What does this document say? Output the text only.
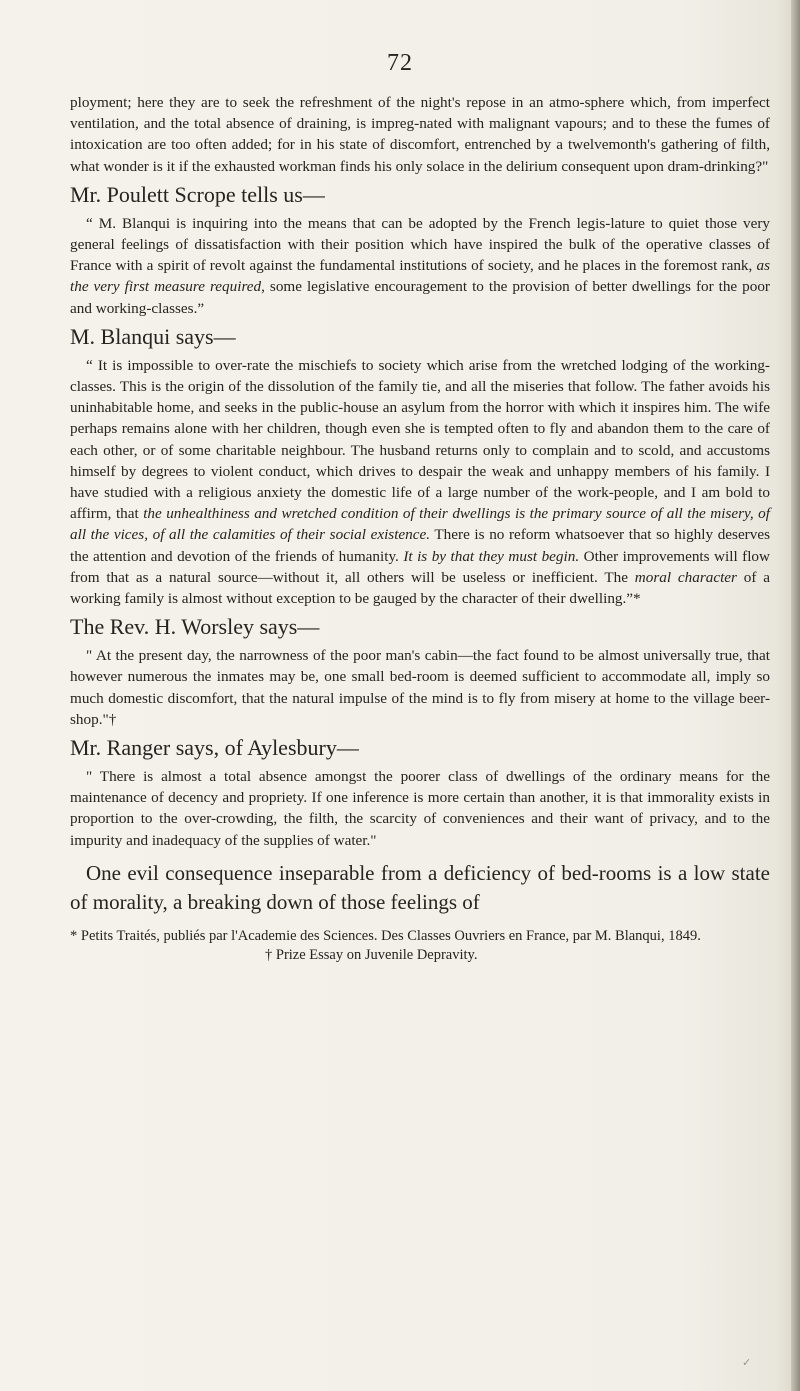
72

ployment; here they are to seek the refreshment of the night's repose in an atmo-sphere which, from imperfect ventilation, and the total absence of draining, is impreg-nated with malignant vapours; and to these the fumes of intoxication are too often added; for in his state of discomfort, entrenched by a twelvemonth's gathering of filth, what wonder is it if the exhausted workman finds his only solace in the delirium consequent upon dram-drinking?"

Mr. Poulett Scrope tells us—

“ M. Blanqui is inquiring into the means that can be adopted by the French legis-lature to quiet those very general feelings of dissatisfaction with their position which have inspired the bulk of the operative classes of France with a spirit of revolt against the fundamental institutions of society, and he places in the foremost rank, as the very first measure required, some legislative encouragement to the provision of better dwellings for the poor and working-classes.”

M. Blanqui says—

“ It is impossible to over-rate the mischiefs to society which arise from the wretched lodging of the working-classes. This is the origin of the dissolution of the family tie, and all the miseries that follow. The father avoids his uninhabitable home, and seeks in the public-house an asylum from the horror with which it inspires him. The wife perhaps remains alone with her children, though even she is tempted often to fly and abandon them to the care of each other, or of some charitable neighbour. The husband returns only to complain and to scold, and accustoms himself by degrees to violent conduct, which drives to despair the weak and unhappy members of his family. I have studied with a religious anxiety the domestic life of a large number of the work-people, and I am bold to affirm, that the unhealthiness and wretched condition of their dwellings is the primary source of all the misery, of all the vices, of all the calamities of their social existence. There is no reform whatsoever that so highly deserves the attention and devotion of the friends of humanity. It is by that they must begin. Other improvements will flow from that as a natural source—without it, all others will be useless or inefficient. The moral character of a working family is almost without exception to be gauged by the character of their dwelling.”*

The Rev. H. Worsley says—

" At the present day, the narrowness of the poor man's cabin—the fact found to be almost universally true, that however numerous the inmates may be, one small bed-room is deemed sufficient to accommodate all, imply so much domestic discomfort, that the natural impulse of the mind is to fly from misery at home to the village beer-shop."†

Mr. Ranger says, of Aylesbury—

" There is almost a total absence amongst the poorer class of dwellings of the ordinary means for the maintenance of decency and propriety. If one inference is more certain than another, it is that immorality exists in proportion to the over-crowding, the filth, the scarcity of conveniences and their want of privacy, and to the impurity and inadequacy of the supplies of water."

One evil consequence inseparable from a deficiency of bed-rooms is a low state of morality, a breaking down of those feelings of

* Petits Traités, publiés par l'Academie des Sciences. Des Classes Ouvriers en France, par M. Blanqui, 1849.
† Prize Essay on Juvenile Depravity.
✓
